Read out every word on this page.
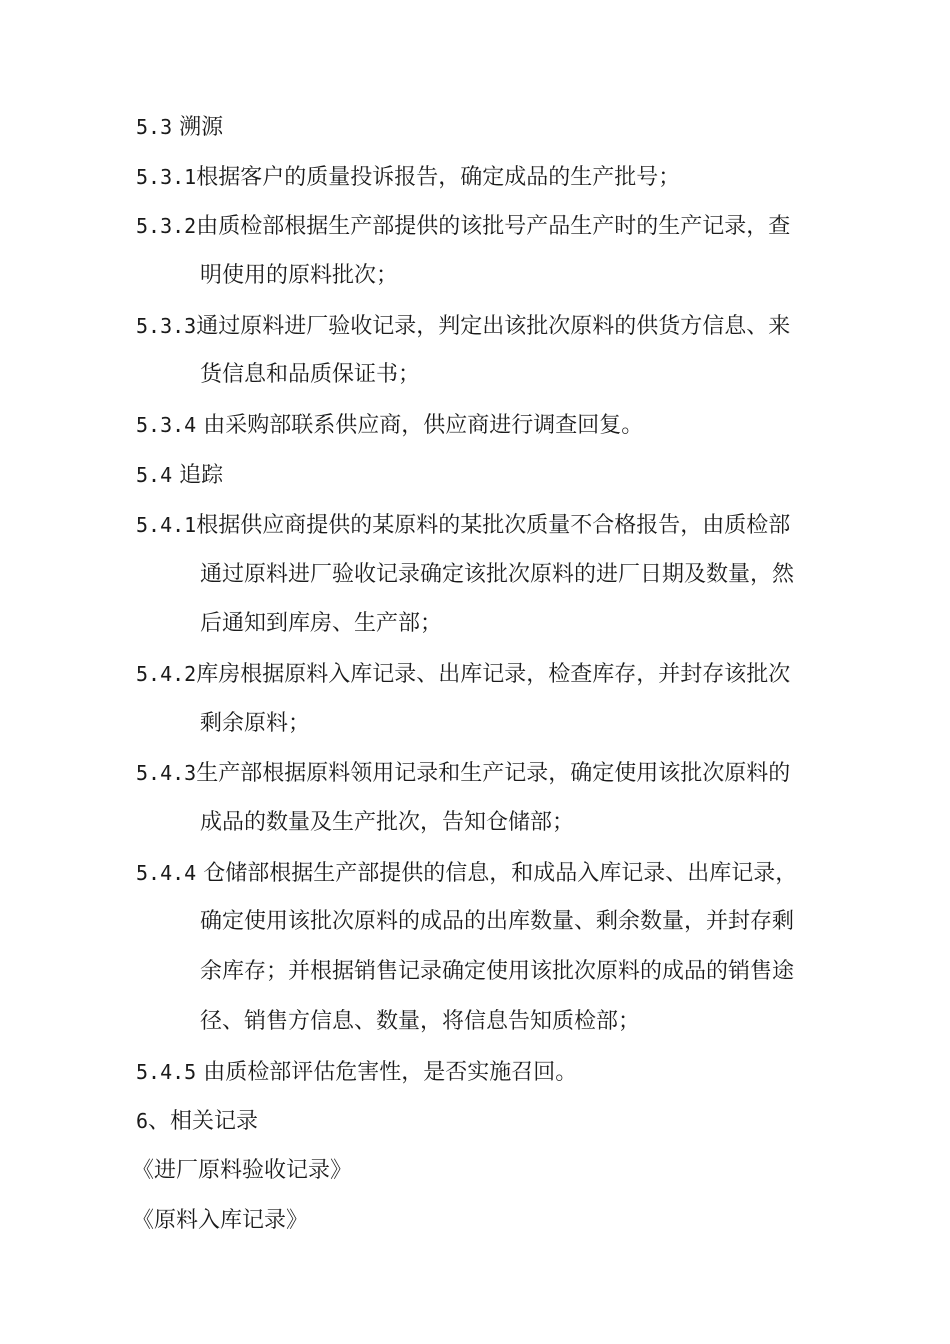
5.3 溯源
5.3.1根据客户的质量投诉报告，确定成品的生产批号；
5.3.2由质检部根据生产部提供的该批号产品生产时的生产记录，查
明使用的原料批次；
5.3.3通过原料进厂验收记录，判定出该批次原料的供货方信息、来
货信息和品质保证书；
5.3.4 由采购部联系供应商，供应商进行调查回复。
5.4 追踪
5.4.1根据供应商提供的某原料的某批次质量不合格报告，由质检部
通过原料进厂验收记录确定该批次原料的进厂日期及数量，然
后通知到库房、生产部；
5.4.2库房根据原料入库记录、出库记录，检查库存，并封存该批次
剩余原料；
5.4.3生产部根据原料领用记录和生产记录，确定使用该批次原料的
成品的数量及生产批次，告知仓储部；
5.4.4 仓储部根据生产部提供的信息，和成品入库记录、出库记录，
确定使用该批次原料的成品的出库数量、剩余数量，并封存剩
余库存；并根据销售记录确定使用该批次原料的成品的销售途
径、销售方信息、数量，将信息告知质检部；
5.4.5 由质检部评估危害性，是否实施召回。
6、相关记录
《进厂原料验收记录》
《原料入库记录》
